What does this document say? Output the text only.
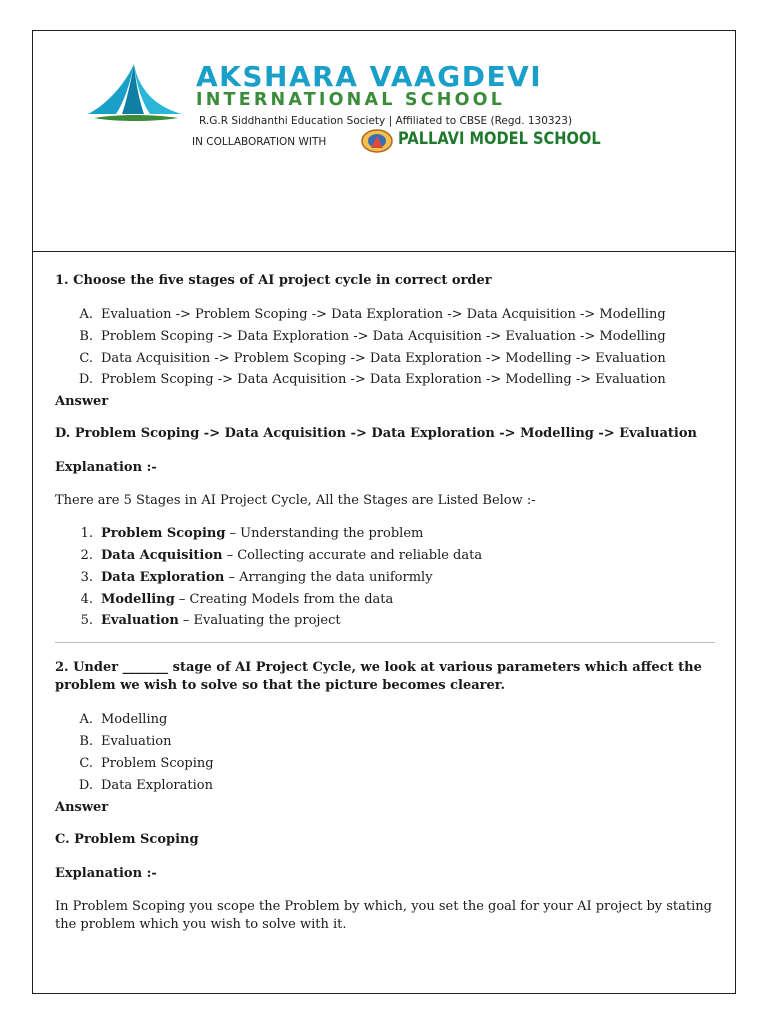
AKSHARA VAAGDEVI
INTERNATIONAL SCHOOL
R.G.R Siddhanthi Education Society | Affiliated to CBSE (Regd. 130323)
IN COLLABORATION WITH	PALLAVI MODEL SCHOOL
1. Choose the five stages of AI project cycle in correct order
A. Evaluation -> Problem Scoping -> Data Exploration -> Data Acquisition -> Modelling
B. Problem Scoping -> Data Exploration -> Data Acquisition -> Evaluation -> Modelling
C. Data Acquisition -> Problem Scoping -> Data Exploration -> Modelling -> Evaluation
D. Problem Scoping -> Data Acquisition -> Data Exploration -> Modelling -> Evaluation
Answer
D. Problem Scoping -> Data Acquisition -> Data Exploration -> Modelling -> Evaluation
Explanation :-
There are 5 Stages in AI Project Cycle, All the Stages are Listed Below :-
1. Problem Scoping – Understanding the problem
2. Data Acquisition – Collecting accurate and reliable data
3. Data Exploration – Arranging the data uniformly
4. Modelling – Creating Models from the data
5. Evaluation – Evaluating the project
2. Under _______ stage of AI Project Cycle, we look at various parameters which affect the problem we wish to solve so that the picture becomes clearer.
A. Modelling
B. Evaluation
C. Problem Scoping
D. Data Exploration
Answer
C. Problem Scoping
Explanation :-
In Problem Scoping you scope the Problem by which, you set the goal for your AI project by stating the problem which you wish to solve with it.
